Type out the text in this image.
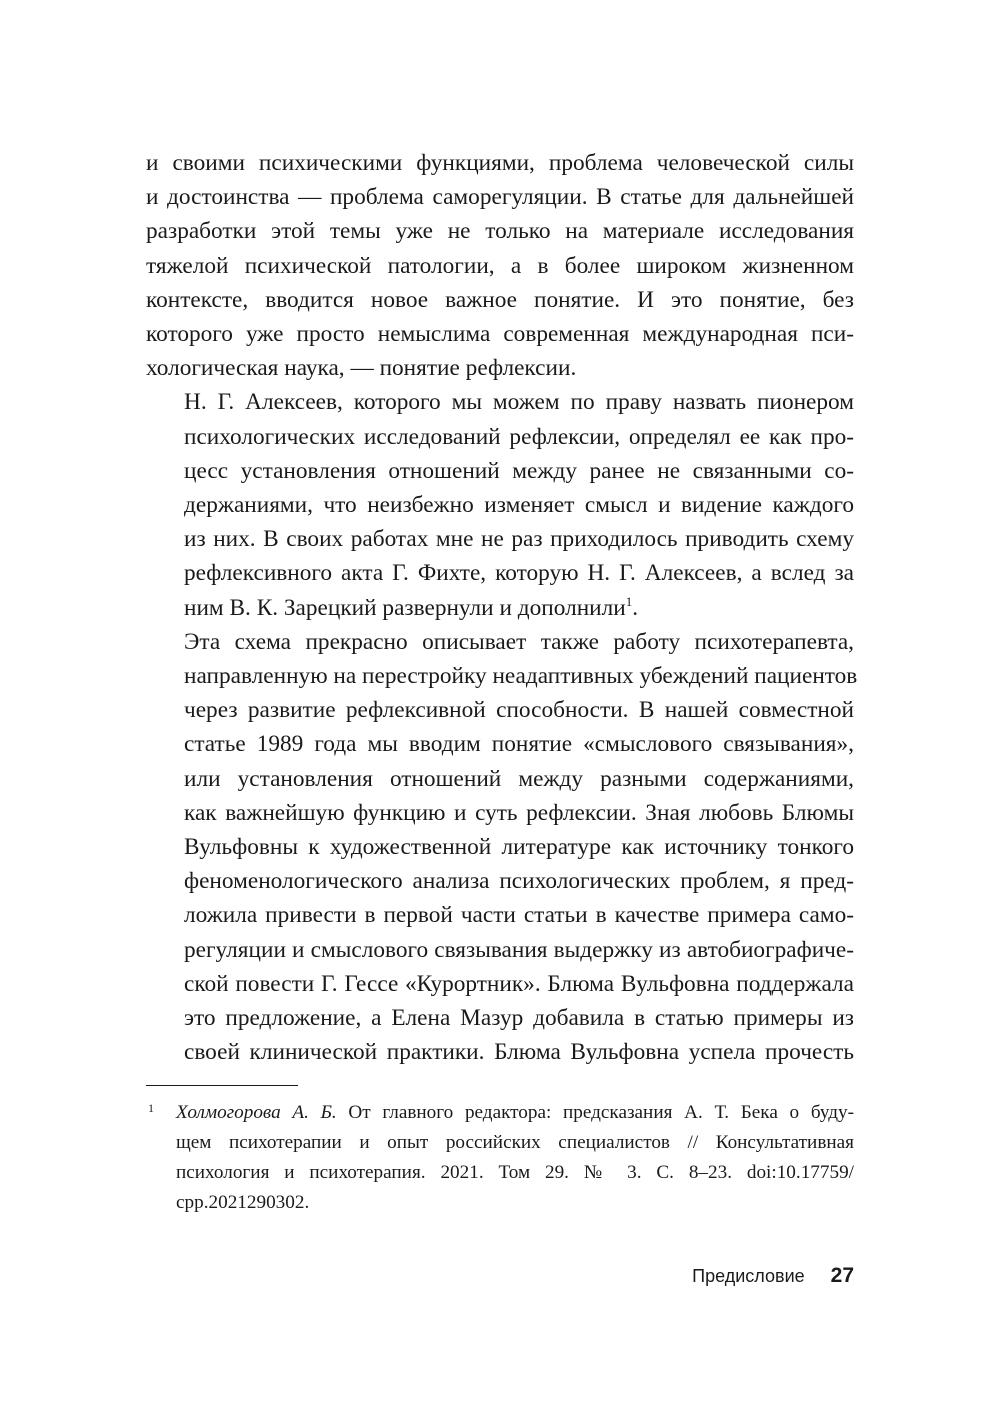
и своими психическими функциями, проблема человеческой силы
и достоинства — проблема саморегуляции. В статье для дальнейшей
разработки этой темы уже не только на материале исследования
тяжелой психической патологии, а в более широком жизненном
контексте, вводится новое важное понятие. И это понятие, без
которого уже просто немыслима современная международная пси-
хологическая наука, — понятие рефлексии.

Н. Г. Алексеев, которого мы можем по праву назвать пионером
психологических исследований рефлексии, определял ее как про-
цесс установления отношений между ранее не связанными со-
держаниями, что неизбежно изменяет смысл и видение каждого
из них. В своих работах мне не раз приходилось приводить схему
рефлексивного акта Г. Фихте, которую Н. Г. Алексеев, а вслед за
ним В. К. Зарецкий развернули и дополнили$^1$.

Эта схема прекрасно описывает также работу психотерапевта,
направленную на перестройку неадаптивных убеждений пациентов
через развитие рефлексивной способности. В нашей совместной
статье 1989 года мы вводим понятие «смыслового связывания»,
или установления отношений между разными содержаниями,
как важнейшую функцию и суть рефлексии. Зная любовь Блюмы
Вульфовны к художественной литературе как источнику тонкого
феноменологического анализа психологических проблем, я пред-
ложила привести в первой части статьи в качестве примера само-
регуляции и смыслового связывания выдержку из автобиографиче-
ской повести Г. Гессе «Курортник». Блюма Вульфовна поддержала
это предложение, а Елена Мазур добавила в статью примеры из
своей клинической практики. Блюма Вульфовна успела прочесть

1 Холмогорова А. Б. От главного редактора: предсказания А. Т. Бека о буду-
щем психотерапии и опыт российских специалистов // Консультативная
психология и психотерапия. 2021. Том 29. № 3. С. 8–23. doi:10.17759/
cpp.2021290302.
Предисловие 27
